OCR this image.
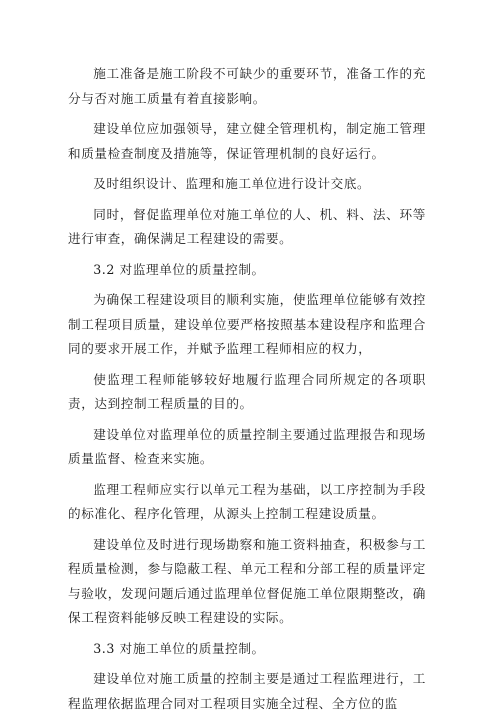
施工准备是施工阶段不可缺少的重要环节，准备工作的充分与否对施工质量有着直接影响。

建设单位应加强领导，建立健全管理机构，制定施工管理和质量检查制度及措施等，保证管理机制的良好运行。

及时组织设计、监理和施工单位进行设计交底。

同时，督促监理单位对施工单位的人、机、料、法、环等进行审查，确保满足工程建设的需要。

3.2 对监理单位的质量控制。

为确保工程建设项目的顺利实施，使监理单位能够有效控制工程项目质量，建设单位要严格按照基本建设程序和监理合同的要求开展工作，并赋予监理工程师相应的权力，

使监理工程师能够较好地履行监理合同所规定的各项职责，达到控制工程质量的目的。

建设单位对监理单位的质量控制主要通过监理报告和现场质量监督、检查来实施。

监理工程师应实行以单元工程为基础，以工序控制为手段的标准化、程序化管理，从源头上控制工程建设质量。

建设单位及时进行现场勘察和施工资料抽查，积极参与工程质量检测，参与隐蔽工程、单元工程和分部工程的质量评定与验收，发现问题后通过监理单位督促施工单位限期整改，确保工程资料能够反映工程建设的实际。

3.3 对施工单位的质量控制。

建设单位对施工质量的控制主要是通过工程监理进行，工程监理依据监理合同对工程项目实施全过程、全方位的监
